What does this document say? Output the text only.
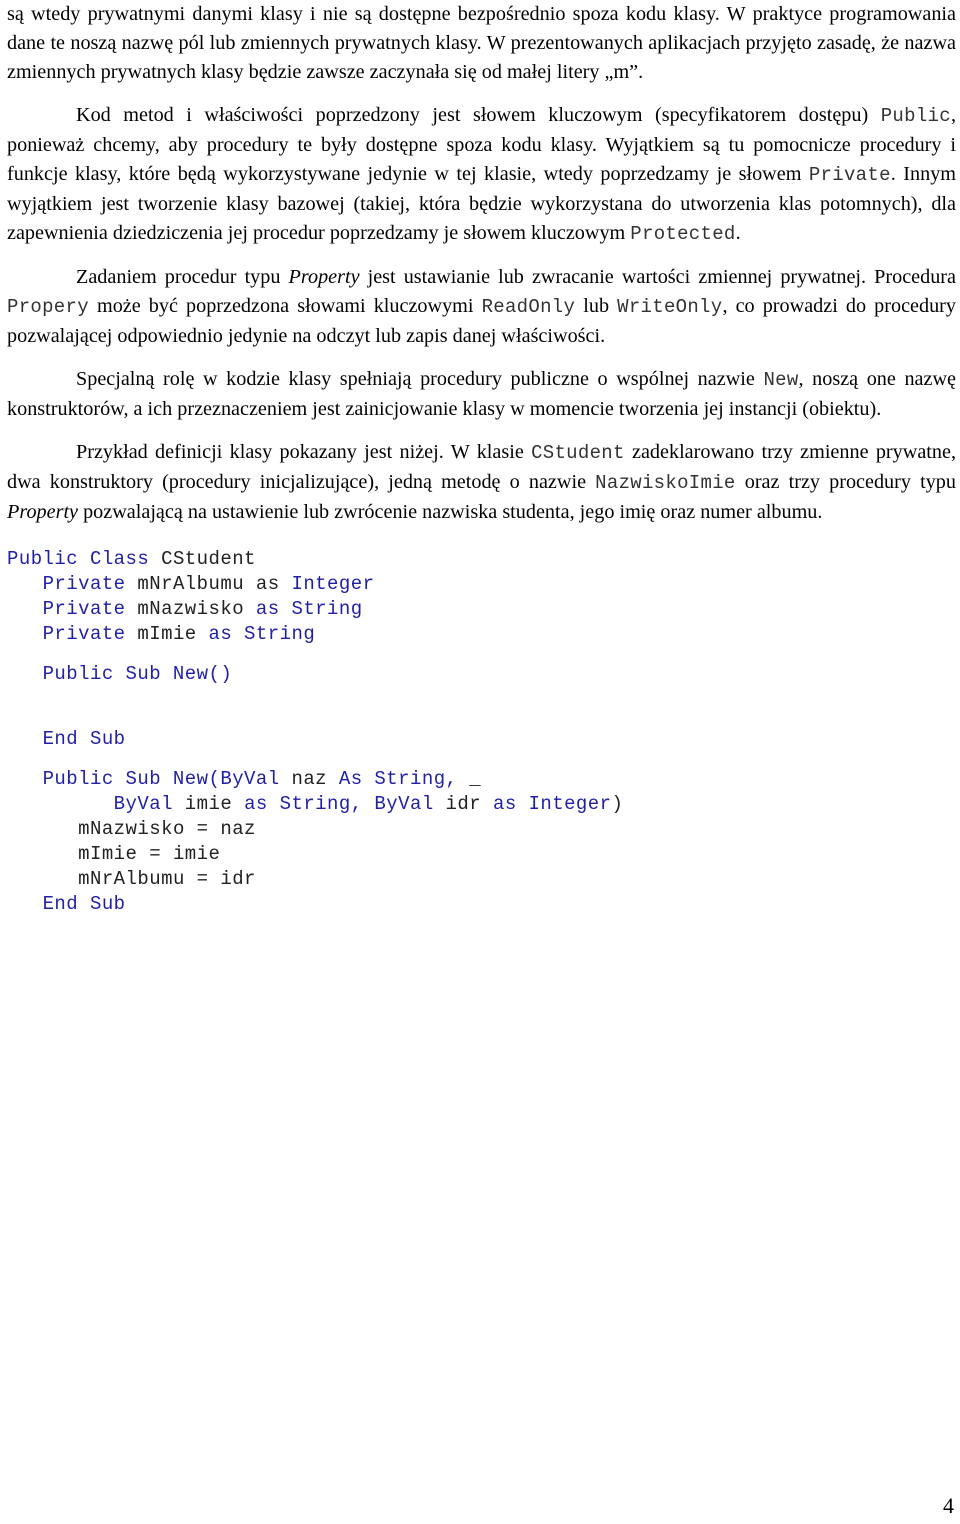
są wtedy prywatnymi danymi klasy i nie są dostępne bezpośrednio spoza kodu klasy. W praktyce programowania dane te noszą nazwę pól lub zmiennych prywatnych klasy. W prezentowanych aplikacjach przyjęto zasadę, że nazwa zmiennych prywatnych klasy będzie zawsze zaczynała się od małej litery „m”.

Kod metod i właściwości poprzedzony jest słowem kluczowym (specyfikatorem dostępu) Public, ponieważ chcemy, aby procedury te były dostępne spoza kodu klasy. Wyjątkiem są tu pomocnicze procedury i funkcje klasy, które będą wykorzystywane jedynie w tej klasie, wtedy poprzedzamy je słowem Private. Innym wyjątkiem jest tworzenie klasy bazowej (takiej, która będzie wykorzystana do utworzenia klas potomnych), dla zapewnienia dziedziczenia jej procedur poprzedzamy je słowem kluczowym Protected.

Zadaniem procedur typu Property jest ustawianie lub zwracanie wartości zmiennej prywatnej. Procedura Propery może być poprzedzona słowami kluczowymi ReadOnly lub WriteOnly, co prowadzi do procedury pozwalającej odpowiednio jedynie na odczyt lub zapis danej właściwości.

Specjalną rolę w kodzie klasy spełniają procedury publiczne o wspólnej nazwie New, noszą one nazwę konstruktorów, a ich przeznaczeniem jest zainicjowanie klasy w momencie tworzenia jej instancji (obiektu).

Przykład definicji klasy pokazany jest niżej. W klasie CStudent zadeklarowano trzy zmienne prywatne, dwa konstruktory (procedury inicjalizujące), jedną metodę o nazwie NazwiskoImie oraz trzy procedury typu Property pozwalającą na ustawienie lub zwrócenie nazwiska studenta, jego imię oraz numer albumu.

Public Class CStudent
Private mNrAlbumu as Integer
Private mNazwisko as String
Private mImie as String
Public Sub New()
End Sub
Public Sub New(ByVal naz As String, _
ByVal imie as String, ByVal idr as Integer)
mNazwisko = naz
mImie = imie
mNrAlbumu = idr
End Sub
4
